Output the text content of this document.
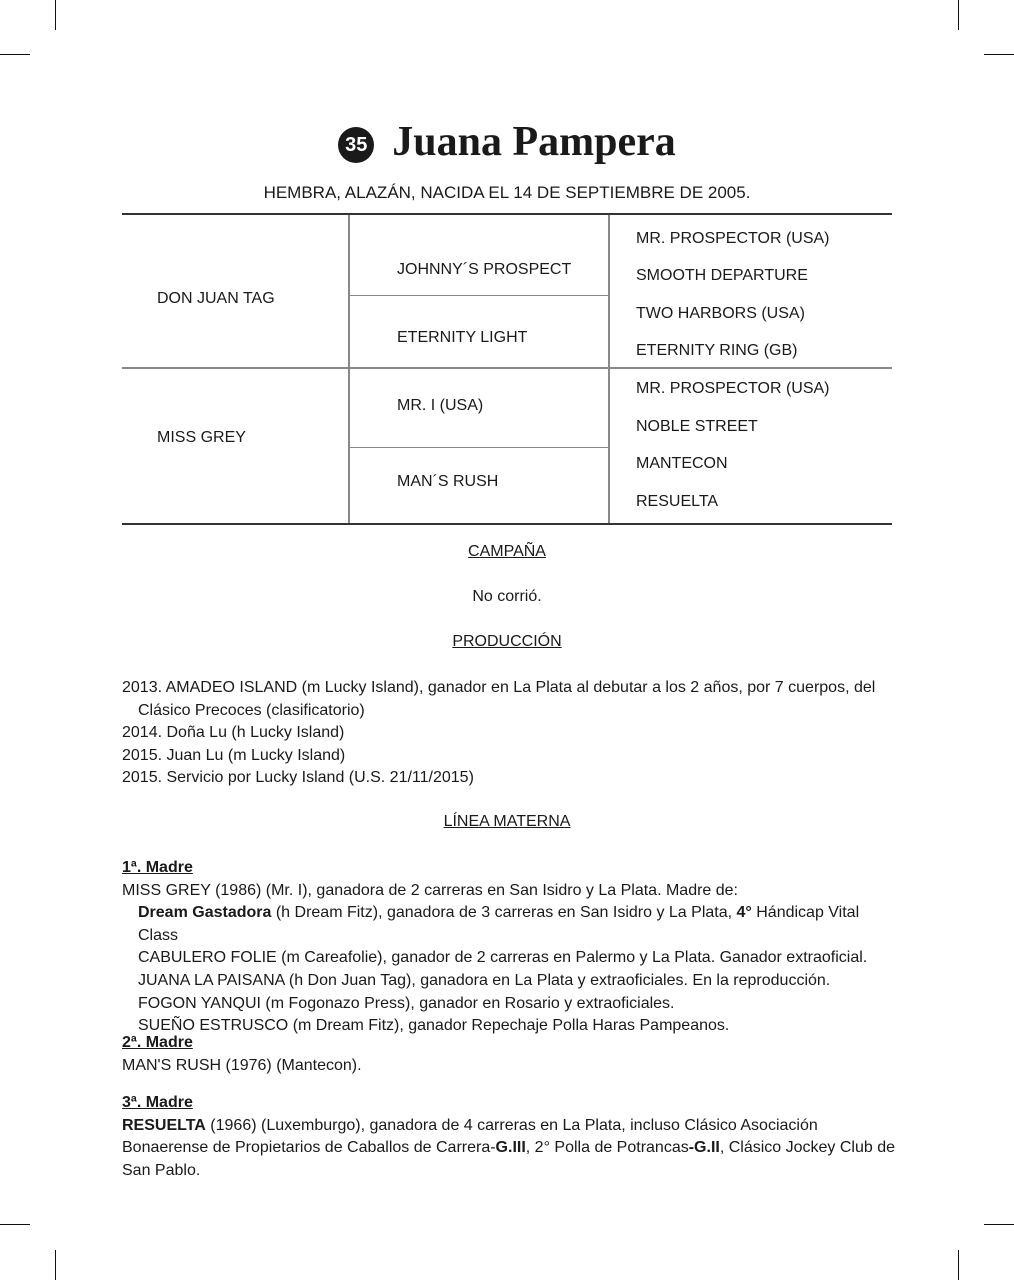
35 Juana Pampera
HEMBRA, ALAZÁN, NACIDA EL 14 DE SEPTIEMBRE DE 2005.
DON JUAN TAG
MISS GREY
JOHNNY´S PROSPECT
ETERNITY LIGHT
MR. I (USA)
MAN´S RUSH
MR. PROSPECTOR (USA)
SMOOTH DEPARTURE
TWO HARBORS (USA)
ETERNITY RING (GB)
MR. PROSPECTOR (USA)
NOBLE STREET
MANTECON
RESUELTA
CAMPAÑA
No corrió.
PRODUCCIÓN
2013. AMADEO ISLAND (m Lucky Island), ganador en La Plata al debutar a los 2 años, por 7 cuerpos, del Clásico Precoces (clasificatorio)
2014. Doña Lu (h Lucky Island)
2015. Juan Lu (m Lucky Island)
2015. Servicio por Lucky Island (U.S. 21/11/2015)
LÍNEA MATERNA
1ª. Madre
MISS GREY (1986) (Mr. I), ganadora de 2 carreras en San Isidro y La Plata. Madre de:
Dream Gastadora (h Dream Fitz), ganadora de 3 carreras en San Isidro y La Plata, 4° Hándicap Vital Class
CABULERO FOLIE (m Careafolie), ganador de 2 carreras en Palermo y La Plata. Ganador extraoficial.
JUANA LA PAISANA (h Don Juan Tag), ganadora en La Plata y extraoficiales. En la reproducción.
FOGON YANQUI (m Fogonazo Press), ganador en Rosario y extraoficiales.
SUEÑO ESTRUSCO (m Dream Fitz), ganador Repechaje Polla Haras Pampeanos.
2ª. Madre
MAN'S RUSH (1976) (Mantecon).
3ª. Madre
RESUELTA (1966) (Luxemburgo), ganadora de 4 carreras en La Plata, incluso Clásico Asociación Bonaerense de Propietarios de Caballos de Carrera-G.III, 2° Polla de Potrancas-G.II, Clásico Jockey Club de San Pablo.
